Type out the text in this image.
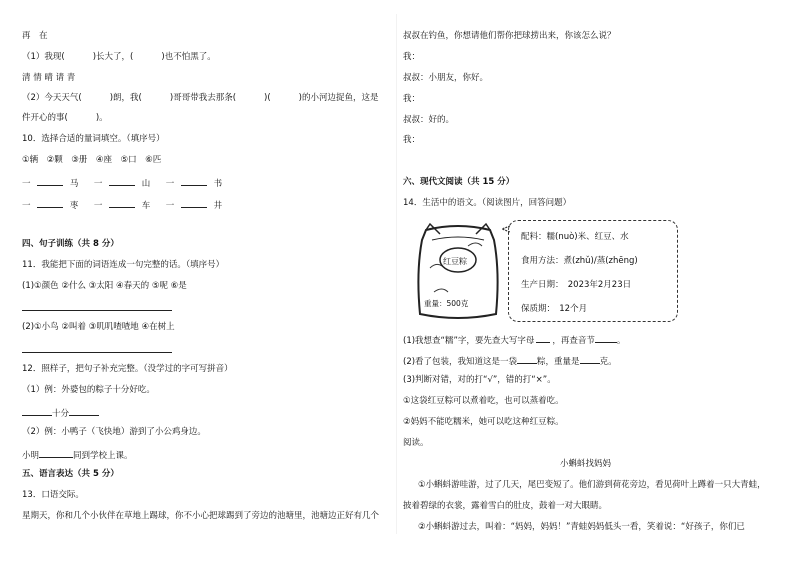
再　在
（1）我现(	)长大了，(	)也不怕黑了。
清 情 晴 请 青
（2）今天天气(	)朗，我(	)哥哥带我去那条(	)(	)的小河边捉鱼，这是
件开心的事(	)。
10．选择合适的量词填空。（填序号）
①辆　②颗　③册　④座　⑤口　⑥匹
一	马 一	山 一	书
一	枣 一	车 一	井
四、句子训练（共 8 分）
11．我能把下面的词语连成一句完整的话。（填序号）
(1)①颜色 ②什么 ③太阳 ④春天的 ⑤呢 ⑥是
(2)①小鸟 ②叫着 ③叽叽喳喳地 ④在树上
12．照样子，把句子补充完整。（没学过的字可写拼音）
（1）例：外婆包的粽子十分好吃。
十分
（2）例：小鸭子（飞快地）游到了小公鸡身边。
小明	同到学校上课。
五、语言表达（共 5 分）
13．口语交际。
星期天，你和几个小伙伴在草地上踢球，你不小心把球踢到了旁边的池塘里，池塘边正好有几个
叔叔在钓鱼，你想请他们帮你把球捞出来，你该怎么说？
我：
叔叔：小朋友，你好。
我：
叔叔：好的。
我：
六、现代文阅读（共 15 分）
14．生活中的语文。（阅读图片，回答问题）
红豆粽
重量：500克
配料：糯(nuò)米、红豆、水
食用方法：煮(zhǔ)/蒸(zhēng)
生产日期：　2023年2月23日
保质期：　12个月
(1)我想查“糯”字，要先查大写字母 ，再查音节	。
(2)看了包装，我知道这是一袋 粽，重量是 克。
(3)判断对错，对的打“√”，错的打“×”。
①这袋红豆粽可以煮着吃，也可以蒸着吃。
②妈妈不能吃糯米，她可以吃这种红豆粽。
阅读。
小蝌蚪找妈妈
①小蝌蚪游哇游，过了几天，尾巴变短了。他们游到荷花旁边，看见荷叶上蹲着一只大青蛙，
披着碧绿的衣裳，露着雪白的肚皮，鼓着一对大眼睛。
②小蝌蚪游过去，叫着：“妈妈，妈妈！”青蛙妈妈低头一看，笑着说：“好孩子，你们已
